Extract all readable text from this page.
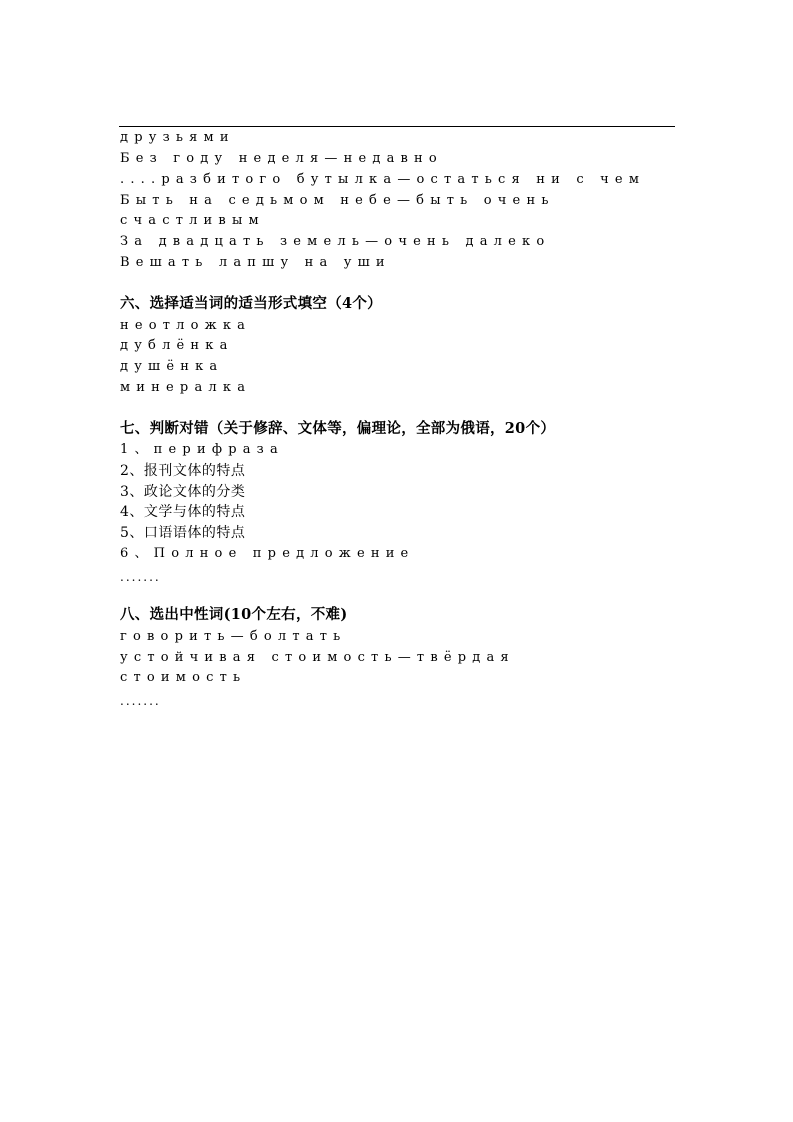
друзьями
Без году неделя—недавно
....разбитого бутылка—остаться ни с чем
Быть на седьмом небе—быть очень
счастливым
За двадцать земель—очень далеко
Вешать лапшу на уши
六、选择适当词的适当形式填空（4个）
неотложка
дублёнка
душёнка
минералка
七、判断对错（关于修辞、文体等，偏理论，全部为俄语，20个）
1、перифраза
2、报刊文体的特点
3、政论文体的分类
4、文学与体的特点
5、口语语体的特点
6、Полное предложение
.......
八、选出中性词(10个左右，不难)
говорить—болтать
устойчивая стоимость—твёрдая
стоимость
.......
